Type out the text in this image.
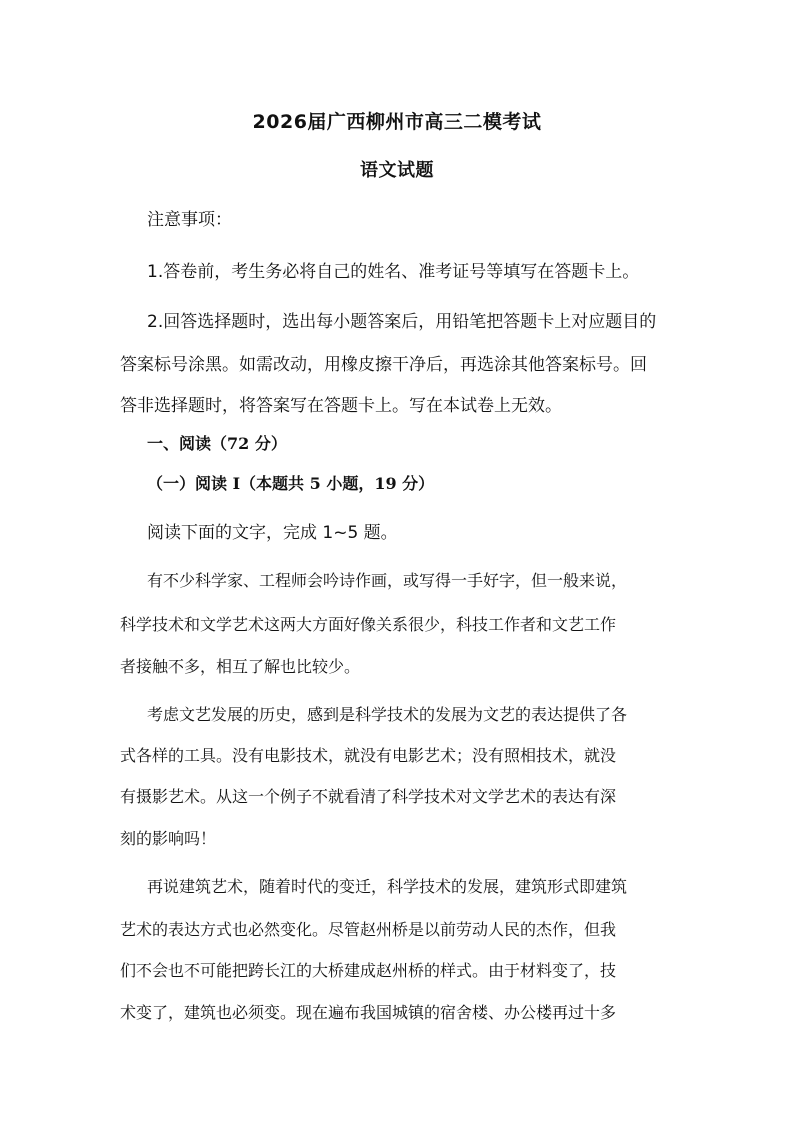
2026届广西柳州市高三二模考试
语文试题
注意事项：
1.答卷前，考生务必将自己的姓名、准考证号等填写在答题卡上。
2.回答选择题时，选出每小题答案后，用铅笔把答题卡上对应题目的
答案标号涂黑。如需改动，用橡皮擦干净后，再选涂其他答案标号。回
答非选择题时，将答案写在答题卡上。写在本试卷上无效。
一、阅读（72 分）
（一）阅读 I（本题共 5 小题，19 分）
阅读下面的文字，完成 1~5 题。
有不少科学家、工程师会吟诗作画，或写得一手好字，但一般来说，
科学技术和文学艺术这两大方面好像关系很少，科技工作者和文艺工作
者接触不多，相互了解也比较少。
考虑文艺发展的历史，感到是科学技术的发展为文艺的表达提供了各
式各样的工具。没有电影技术，就没有电影艺术；没有照相技术，就没
有摄影艺术。从这一个例子不就看清了科学技术对文学艺术的表达有深
刻的影响吗！
再说建筑艺术，随着时代的变迁，科学技术的发展，建筑形式即建筑
艺术的表达方式也必然变化。尽管赵州桥是以前劳动人民的杰作，但我
们不会也不可能把跨长江的大桥建成赵州桥的样式。由于材料变了，技
术变了，建筑也必须变。现在遍布我国城镇的宿舍楼、办公楼再过十多
